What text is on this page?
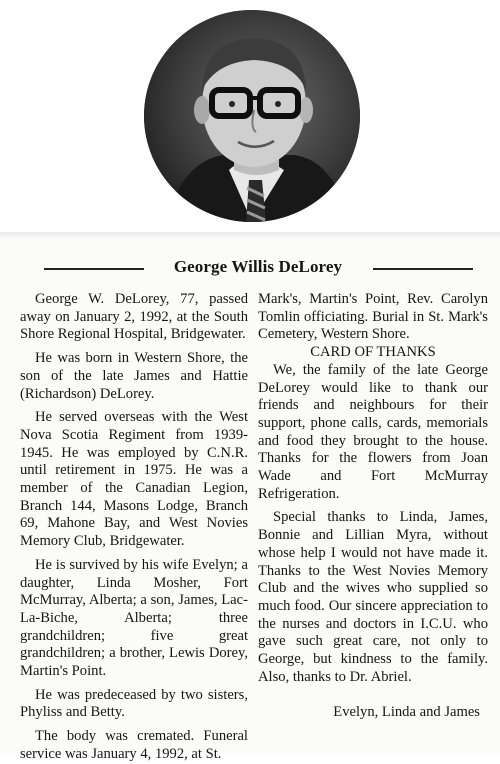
George Willis DeLorey

George W. DeLorey, 77, passed away on January 2, 1992, at the South Shore Regional Hospital, Bridgewater.

He was born in Western Shore, the son of the late James and Hattie (Richardson) DeLorey.

He served overseas with the West Nova Scotia Regiment from 1939-1945. He was employed by C.N.R. until retirement in 1975. He was a member of the Canadian Legion, Branch 144, Masons Lodge, Branch 69, Mahone Bay, and West Novies Memory Club, Bridgewater.

He is survived by his wife Evelyn; a daughter, Linda Mosher, Fort McMurray, Alberta; a son, James, Lac-La-Biche, Alberta; three grandchildren; five great grandchildren; a brother, Lewis Dorey, Martin's Point.

He was predeceased by two sisters, Phyliss and Betty.

The body was cremated. Funeral service was January 4, 1992, at St.

Mark's, Martin's Point, Rev. Carolyn Tomlin officiating. Burial in St. Mark's Cemetery, Western Shore.

CARD OF THANKS

We, the family of the late George DeLorey would like to thank our friends and neighbours for their support, phone calls, cards, memorials and food they brought to the house. Thanks for the flowers from Joan Wade and Fort McMurray Refrigeration.

Special thanks to Linda, James, Bonnie and Lillian Myra, without whose help I would not have made it. Thanks to the West Novies Memory Club and the wives who supplied so much food. Our sincere appreciation to the nurses and doctors in I.C.U. who gave such great care, not only to George, but kindness to the family. Also, thanks to Dr. Abriel.

Evelyn, Linda and James
